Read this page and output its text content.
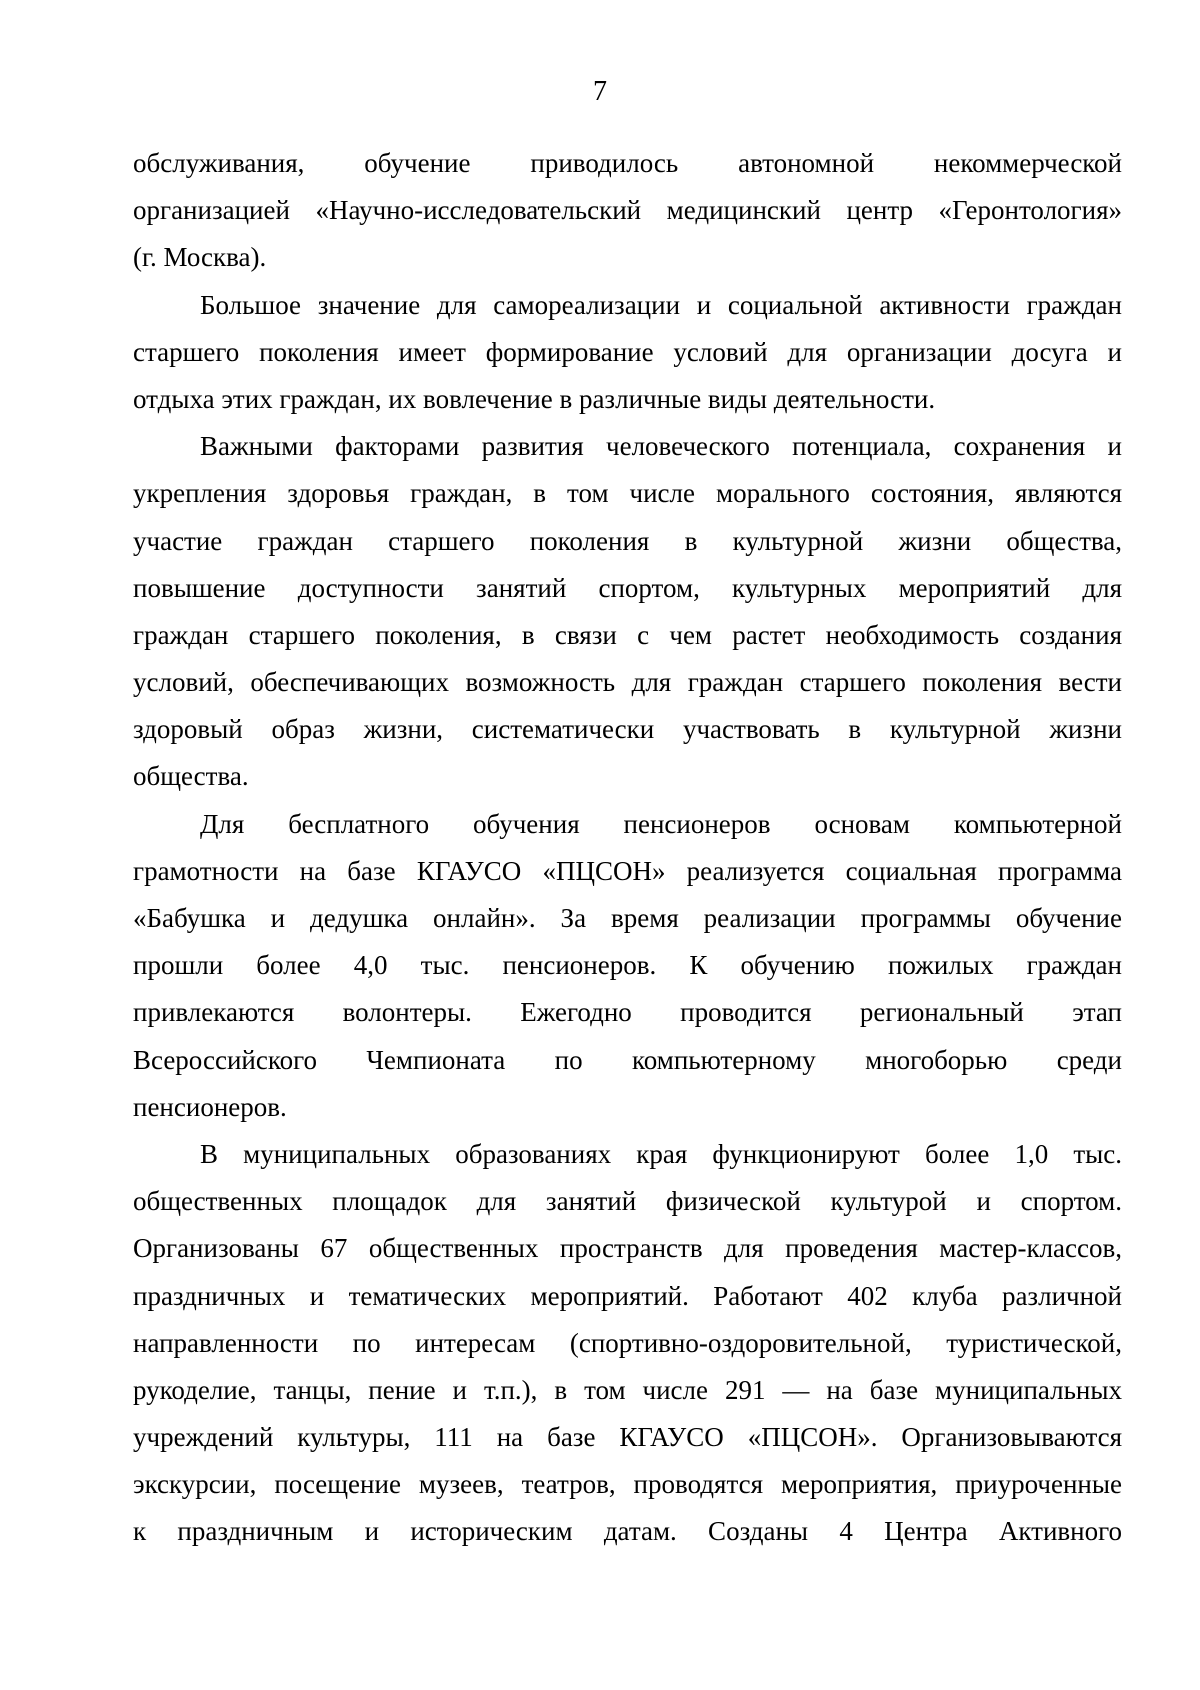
7
обслуживания, обучение приводилось автономной некоммерческой
организацией «Научно-исследовательский медицинский центр «Геронтология»
(г. Москва).
Большое значение для самореализации и социальной активности граждан
старшего поколения имеет формирование условий для организации досуга и
отдыха этих граждан, их вовлечение в различные виды деятельности.
Важными факторами развития человеческого потенциала, сохранения и
укрепления здоровья граждан, в том числе морального состояния, являются
участие граждан старшего поколения в культурной жизни общества,
повышение доступности занятий спортом, культурных мероприятий для
граждан старшего поколения, в связи с чем растет необходимость создания
условий, обеспечивающих возможность для граждан старшего поколения вести
здоровый образ жизни, систематически участвовать в культурной жизни
общества.
Для бесплатного обучения пенсионеров основам компьютерной
грамотности на базе КГАУСО «ПЦСОН» реализуется социальная программа
«Бабушка и дедушка онлайн». За время реализации программы обучение
прошли более 4,0 тыс. пенсионеров. К обучению пожилых граждан
привлекаются волонтеры. Ежегодно проводится региональный этап
Всероссийского Чемпионата по компьютерному многоборью среди
пенсионеров.
В муниципальных образованиях края функционируют более 1,0 тыс.
общественных площадок для занятий физической культурой и спортом.
Организованы 67 общественных пространств для проведения мастер-классов,
праздничных и тематических мероприятий. Работают 402 клуба различной
направленности по интересам (спортивно-оздоровительной, туристической,
рукоделие, танцы, пение и т.п.), в том числе 291 — на базе муниципальных
учреждений культуры, 111 на базе КГАУСО «ПЦСОН». Организовываются
экскурсии, посещение музеев, театров, проводятся мероприятия, приуроченные
к праздничным и историческим датам. Созданы 4 Центра Активного
